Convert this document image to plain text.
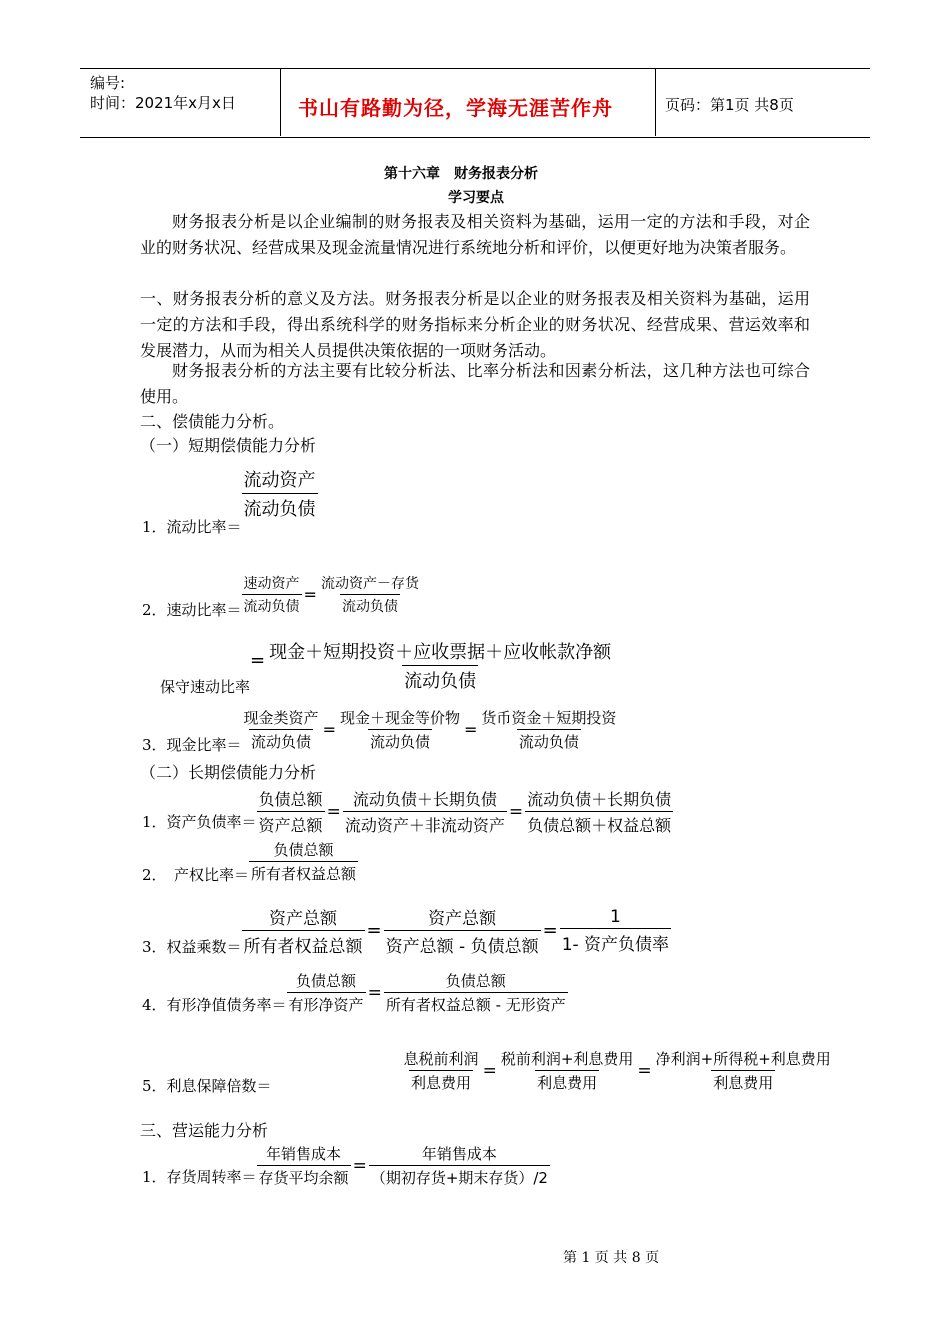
编号:
时间：2021年x月x日	书山有路勤为径，学海无涯苦作舟	页码：第1页 共8页
第十六章　财务报表分析
学习要点
财务报表分析是以企业编制的财务报表及相关资料为基础，运用一定的方法和手段，对企业的财务状况、经营成果及现金流量情况进行系统地分析和评价，以便更好地为决策者服务。
一、财务报表分析的意义及方法。财务报表分析是以企业的财务报表及相关资料为基础，运用一定的方法和手段，得出系统科学的财务指标来分析企业的财务状况、经营成果、营运效率和发展潜力，从而为相关人员提供决策依据的一项财务活动。
财务报表分析的方法主要有比较分析法、比率分析法和因素分析法，这几种方法也可综合使用。
二、偿债能力分析。
（一）短期偿债能力分析
1．流动比率＝
$\frac{\text{流动资产}}{\text{流动负债}}$
2．速动比率＝ $\frac{\text{速动资产}}{\text{流动负债}} = \frac{\text{流动资产－存货}}{\text{流动负债}}$
保守速动比率
= $\frac{\text{现金＋短期投资＋应收票据＋应收帐款净额}}{\text{流动负债}}$
3．现金比率＝ $\frac{\text{现金类资产}}{\text{流动负债}} = \frac{\text{现金＋现金等价物}}{\text{流动负债}} = \frac{\text{货币资金＋短期投资}}{\text{流动负债}}$
（二）长期偿债能力分析
1．资产负债率＝ $\frac{\text{负债总额}}{\text{资产总额}} = \frac{\text{流动负债＋长期负债}}{\text{流动资产＋非流动资产}} = \frac{\text{流动负债＋长期负债}}{\text{负债总额＋权益总额}}$
2．　产权比率＝ $\frac{\text{负债总额}}{\text{所有者权益总额}}$
3．权益乘数＝ $\frac{\text{资产总额}}{\text{所有者权益总额}} = \frac{\text{资产总额}}{\text{资产总额 - 负债总额}} = \frac{1}{\text{1- 资产负债率}}$
4．有形净值债务率＝ $\frac{\text{负债总额}}{\text{有形净资产}} = \frac{\text{负债总额}}{\text{所有者权益总额 - 无形资产}}$
5．利息保障倍数＝	$\frac{\text{息税前利润}}{\text{利息费用}} = \frac{\text{税前利润+利息费用}}{\text{利息费用}} = \frac{\text{净利润+所得税+利息费用}}{\text{利息费用}}$
三、营运能力分析
1．存货周转率＝ $\frac{\text{年销售成本}}{\text{存货平均余额}} = \frac{\text{年销售成本}}{\text{（期初存货+期末存货）/2}}$
第 1 页 共 8 页
